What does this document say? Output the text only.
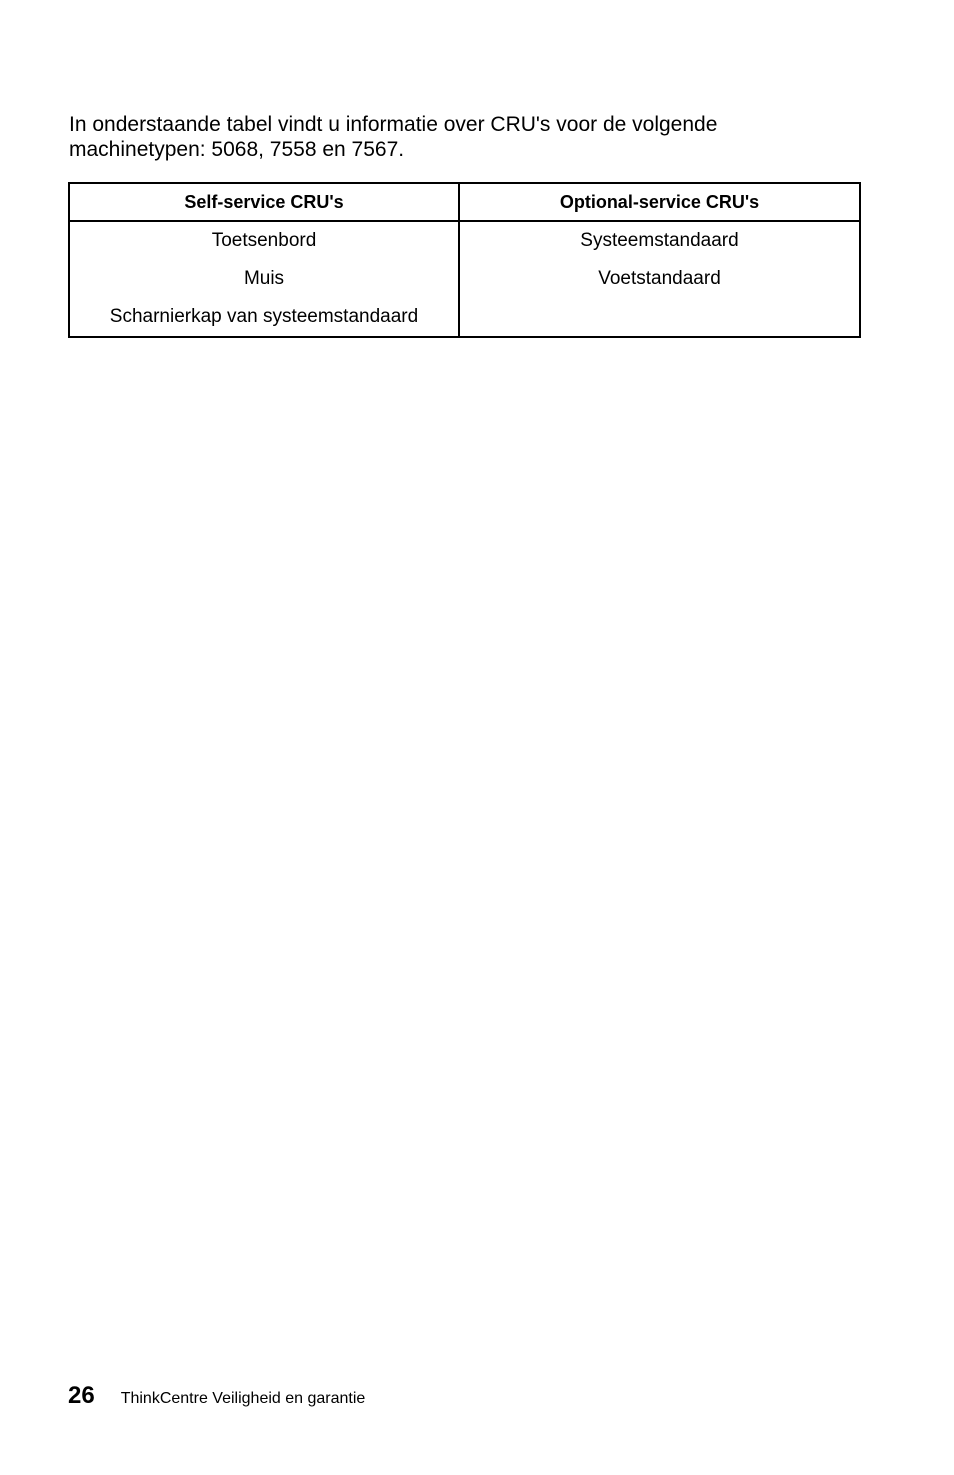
In onderstaande tabel vindt u informatie over CRU's voor de volgende
machinetypen: 5068, 7558 en 7567.

Self-service CRU's	Optional-service CRU's
Toetsenbord	Systeemstandaard
Muis	Voetstandaard
Scharnierkap van systeemstandaard	
26 ThinkCentre Veiligheid en garantie
